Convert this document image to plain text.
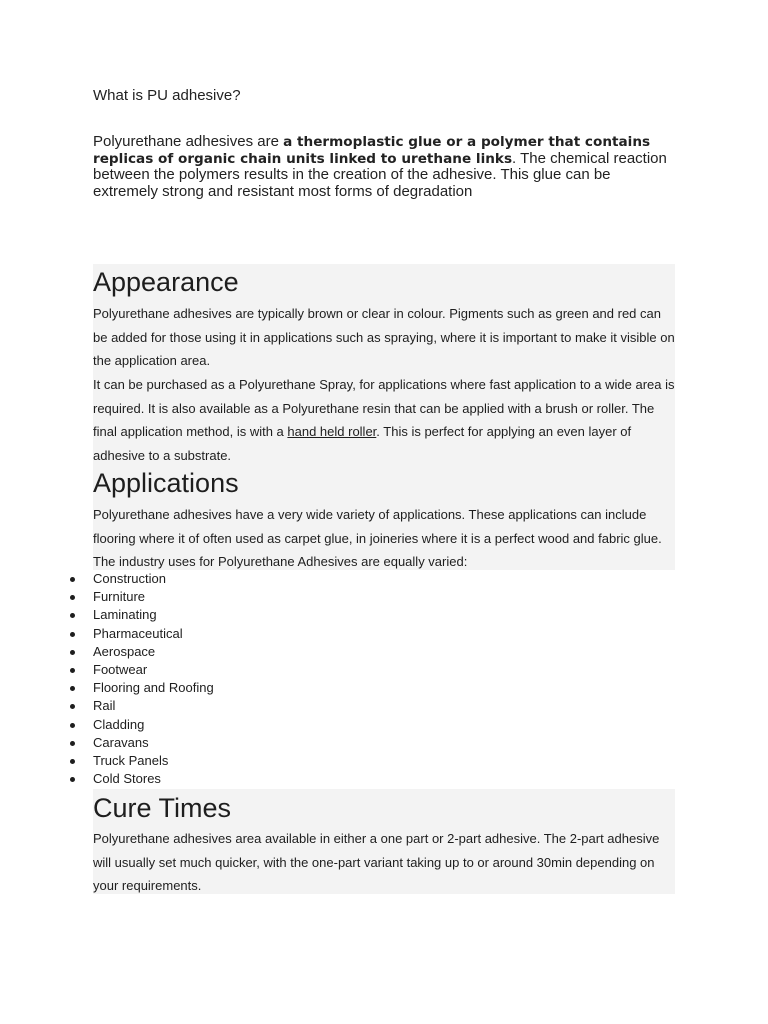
What is PU adhesive?
Polyurethane adhesives are a thermoplastic glue or a polymer that contains replicas of organic chain units linked to urethane links. The chemical reaction between the polymers results in the creation of the adhesive. This glue can be extremely strong and resistant most forms of degradation
Appearance
Polyurethane adhesives are typically brown or clear in colour. Pigments such as green and red can be added for those using it in applications such as spraying, where it is important to make it visible on the application area.
It can be purchased as a Polyurethane Spray, for applications where fast application to a wide area is required. It is also available as a Polyurethane resin that can be applied with a brush or roller. The final application method, is with a hand held roller. This is perfect for applying an even layer of adhesive to a substrate.
Applications
Polyurethane adhesives have a very wide variety of applications. These applications can include flooring where it of often used as carpet glue, in joineries where it is a perfect wood and fabric glue. The industry uses for Polyurethane Adhesives are equally varied:
Construction
Furniture
Laminating
Pharmaceutical
Aerospace
Footwear
Flooring and Roofing
Rail
Cladding
Caravans
Truck Panels
Cold Stores
Cure Times
Polyurethane adhesives area available in either a one part or 2-part adhesive. The 2-part adhesive will usually set much quicker, with the one-part variant taking up to or around 30min depending on your requirements.
